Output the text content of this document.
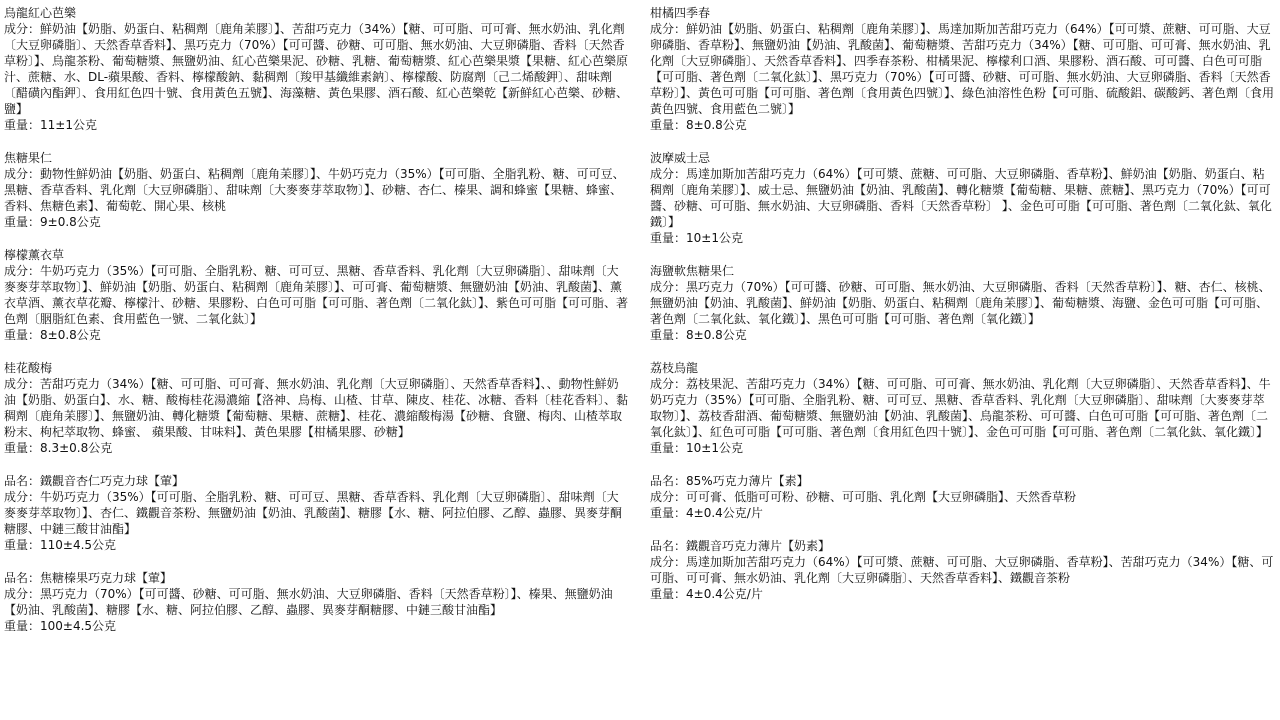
烏龍紅心芭樂
成分：鮮奶油【奶脂、奶蛋白、粘稠劑〔鹿角苿膠〕】、苦甜巧克力（34%）【糖、可可脂、可可膏、無水奶油、乳化劑〔大豆卵磷脂〕、天然香草香料】、黑巧克力（70%）【可可醬、砂糖、可可脂、無水奶油、大豆卵磷脂、香料〔天然香草粉〕】、烏龍茶粉、葡萄糖漿、無鹽奶油、紅心芭樂果泥、砂糖、乳糖、葡萄糖漿、紅心芭樂果漿【果糖、紅心芭樂原汁、蔗糖、水、DL-蘋果酸、香料、檸檬酸鈉、黏稠劑〔羧甲基纖維素鈉〕、檸檬酸、防腐劑〔己二烯酸鉀〕、甜味劑〔醋磺內酯鉀〕、食用紅色四十號、食用黃色五號】、海藻糖、黃色果膠、酒石酸、紅心芭樂乾【新鮮紅心芭樂、砂糖、鹽】
重量：11±1公克
焦糖果仁
成分：動物性鮮奶油【奶脂、奶蛋白、粘稠劑〔鹿角苿膠〕】、牛奶巧克力（35%）【可可脂、全脂乳粉、糖、可可豆、黑糖、香草香料、乳化劑〔大豆卵磷脂〕、甜味劑〔大麥麥芽萃取物〕】、砂糖、杏仁、榛果、調和蜂蜜【果糖、蜂蜜、香料、焦糖色素】、葡萄乾、開心果、核桃
重量：9±0.8公克
檸檬薰衣草
成分：牛奶巧克力（35%）【可可脂、全脂乳粉、糖、可可豆、黑糖、香草香料、乳化劑〔大豆卵磷脂〕、甜味劑〔大麥麥芽萃取物〕】、鮮奶油【奶脂、奶蛋白、粘稠劑〔鹿角苿膠〕】、可可膏、葡萄糖漿、無鹽奶油【奶油、乳酸菌】、薰衣草酒、薰衣草花瓣、檸檬汁、砂糖、果膠粉、白色可可脂【可可脂、著色劑〔二氧化鈦〕】、紫色可可脂【可可脂、著色劑〔胭脂紅色素、食用藍色一號、二氧化鈦〕】
重量：8±0.8公克
桂花酸梅
成分：苦甜巧克力（34%）【糖、可可脂、可可膏、無水奶油、乳化劑〔大豆卵磷脂〕、天然香草香料】、、動物性鮮奶油【奶脂、奶蛋白】、水、糖、酸梅桂花湯濃縮【洛神、烏梅、山楂、甘草、陳皮、桂花、冰糖、香料〔桂花香料〕、黏稠劑〔鹿角苿膠〕】、無鹽奶油、轉化糖漿【葡萄糖、果糖、蔗糖】、桂花、濃縮酸梅湯【砂糖、食鹽、梅肉、山楂萃取粉末、枸杞萃取物、蜂蜜、 蘋果酸、甘味料】、黃色果膠【柑橘果膠、砂糖】
重量：8.3±0.8公克
品名：鐵觀音杏仁巧克力球【葷】
成分：牛奶巧克力（35%）【可可脂、全脂乳粉、糖、可可豆、黑糖、香草香料、乳化劑〔大豆卵磷脂〕、甜味劑〔大麥麥芽萃取物〕】、杏仁、鐵觀音茶粉、無鹽奶油【奶油、乳酸菌】、糖膠【水、糖、阿拉伯膠、乙醇、蟲膠、異麥芽酮糖膠、中鏈三酸甘油酯】
重量：110±4.5公克
品名：焦糖榛果巧克力球【葷】
成分：黑巧克力（70%）【可可醬、砂糖、可可脂、無水奶油、大豆卵磷脂、香料〔天然香草粉〕】、榛果、無鹽奶油【奶油、乳酸菌】、糖膠【水、糖、阿拉伯膠、乙醇、蟲膠、異麥芽酮糖膠、中鏈三酸甘油酯】
重量：100±4.5公克
柑橘四季春
成分：鮮奶油【奶脂、奶蛋白、粘稠劑〔鹿角苿膠〕】、馬達加斯加苦甜巧克力（64%）【可可漿、蔗糖、可可脂、大豆卵磷脂、香草粉】、無鹽奶油【奶油、乳酸菌】、葡萄糖漿、苦甜巧克力（34%）【糖、可可脂、可可膏、無水奶油、乳化劑〔大豆卵磷脂〕、天然香草香料】、四季春茶粉、柑橘果泥、檸檬利口酒、果膠粉、酒石酸、可可醬、白色可可脂【可可脂、著色劑〔二氧化鈦〕】、黑巧克力（70%）【可可醬、砂糖、可可脂、無水奶油、大豆卵磷脂、香料〔天然香草粉〕】、黃色可可脂【可可脂、著色劑〔食用黃色四號〕】、綠色油溶性色粉【可可脂、硫酸鋁、碳酸鈣、著色劑〔食用黃色四號、食用藍色二號〕】
重量：8±0.8公克
波摩威士忌
成分：馬達加斯加苦甜巧克力（64%）【可可漿、蔗糖、可可脂、大豆卵磷脂、香草粉】、鮮奶油【奶脂、奶蛋白、粘稠劑〔鹿角苿膠〕】、威士忌、無鹽奶油【奶油、乳酸菌】、轉化糖漿【葡萄糖、果糖、蔗糖】、黑巧克力（70%）【可可醬、砂糖、可可脂、無水奶油、大豆卵磷脂、香料〔天然香草粉〕 】、金色可可脂【可可脂、著色劑〔二氧化鈦、氧化鐵〕】
重量：10±1公克
海鹽軟焦糖果仁
成分：黑巧克力（70%）【可可醬、砂糖、可可脂、無水奶油、大豆卵磷脂、香料〔天然香草粉〕】、糖、杏仁、核桃、無鹽奶油【奶油、乳酸菌】、鮮奶油【奶脂、奶蛋白、粘稠劑〔鹿角苿膠〕】、葡萄糖漿、海鹽、金色可可脂【可可脂、著色劑〔二氧化鈦、氧化鐵〕】、黑色可可脂【可可脂、著色劑〔氧化鐵〕】
重量：8±0.8公克
荔枝烏龍
成分：荔枝果泥、苦甜巧克力（34%）【糖、可可脂、可可膏、無水奶油、乳化劑〔大豆卵磷脂〕、天然香草香料】、牛奶巧克力（35%）【可可脂、全脂乳粉、糖、可可豆、黑糖、香草香料、乳化劑〔大豆卵磷脂〕、甜味劑〔大麥麥芽萃取物〕】、荔枝香甜酒、葡萄糖漿、無鹽奶油【奶油、乳酸菌】、烏龍茶粉、可可醬、白色可可脂【可可脂、著色劑〔二氧化鈦〕】、紅色可可脂【可可脂、著色劑〔食用紅色四十號〕】、金色可可脂【可可脂、著色劑〔二氧化鈦、氧化鐵〕】
重量：10±1公克
品名：85%巧克力薄片【素】
成分：可可膏、低脂可可粉、砂糖、可可脂、乳化劑【大豆卵磷脂】、天然香草粉
重量：4±0.4公克/片
品名：鐵觀音巧克力薄片【奶素】
成分：馬達加斯加苦甜巧克力（64%）【可可漿、蔗糖、可可脂、大豆卵磷脂、香草粉】、苦甜巧克力（34%）【糖、可可脂、可可膏、無水奶油、乳化劑〔大豆卵磷脂〕、天然香草香料】、鐵觀音茶粉
重量：4±0.4公克/片
